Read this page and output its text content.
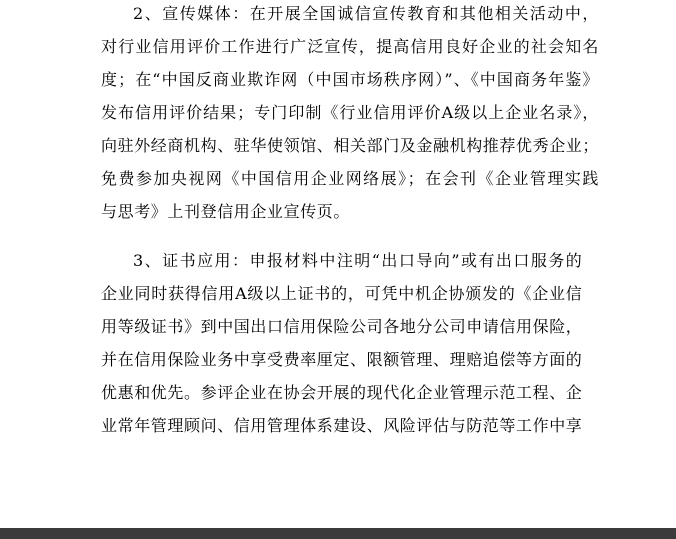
2、宣传媒体：在开展全国诚信宣传教育和其他相关活动中，
对行业信用评价工作进行广泛宣传，提高信用良好企业的社会知名
度；在“中国反商业欺诈网（中国市场秩序网）”、《中国商务年鉴》
发布信用评价结果；专门印制《行业信用评价A级以上企业名录》，
向驻外经商机构、驻华使领馆、相关部门及金融机构推荐优秀企业；
免费参加央视网《中国信用企业网络展》；在会刊《企业管理实践
与思考》上刊登信用企业宣传页。
3、证书应用：申报材料中注明“出口导向”或有出口服务的
企业同时获得信用A级以上证书的，可凭中机企协颁发的《企业信
用等级证书》到中国出口信用保险公司各地分公司申请信用保险，
并在信用保险业务中享受费率厘定、限额管理、理赔追偿等方面的
优惠和优先。参评企业在协会开展的现代化企业管理示范工程、企
业常年管理顾问、信用管理体系建设、风险评估与防范等工作中享
